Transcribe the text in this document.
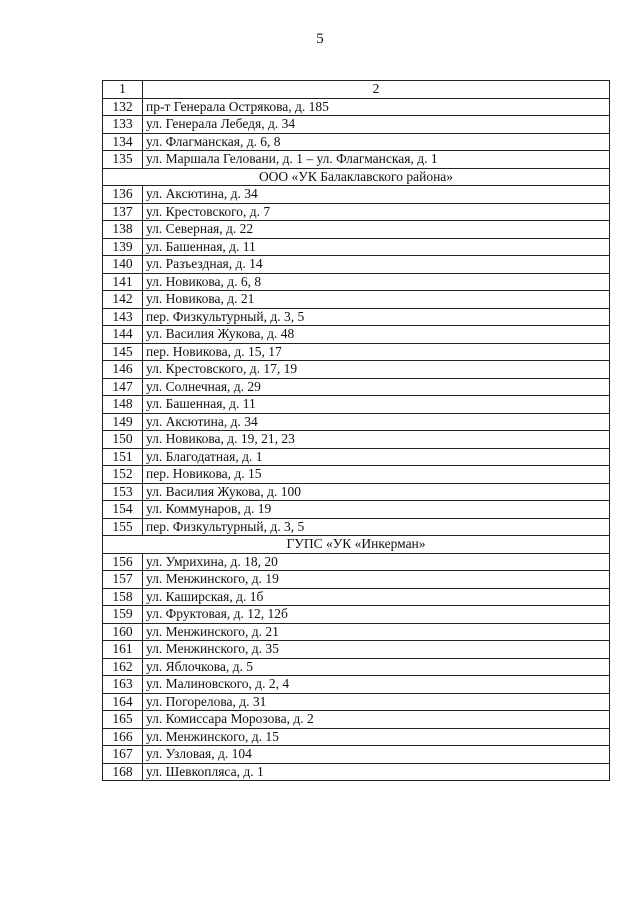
5
1	2
132	пр-т Генерала Острякова, д. 185
133	ул. Генерала Лебедя, д. 34
134	ул. Флагманская, д. 6, 8
135	ул. Маршала Геловани, д. 1 – ул. Флагманская, д. 1
ООО «УК Балаклавского района»	
136	ул. Аксютина, д. 34
137	ул. Крестовского, д. 7
138	ул. Северная, д. 22
139	ул. Башенная, д. 11
140	ул. Разъездная, д. 14
141	ул. Новикова, д. 6, 8
142	ул. Новикова, д. 21
143	пер. Физкультурный, д. 3, 5
144	ул. Василия Жукова, д. 48
145	пер. Новикова, д. 15, 17
146	ул. Крестовского, д. 17, 19
147	ул. Солнечная, д. 29
148	ул. Башенная, д. 11
149	ул. Аксютина, д. 34
150	ул. Новикова, д. 19, 21, 23
151	ул. Благодатная, д. 1
152	пер. Новикова, д. 15
153	ул. Василия Жукова, д. 100
154	ул. Коммунаров, д. 19
155	пер. Физкультурный, д. 3, 5
ГУПС «УК «Инкерман»	
156	ул. Умрихина, д. 18, 20
157	ул. Менжинского, д. 19
158	ул. Каширская, д. 1б
159	ул. Фруктовая, д. 12, 12б
160	ул. Менжинского, д. 21
161	ул. Менжинского, д. 35
162	ул. Яблочкова, д. 5
163	ул. Малиновского, д. 2, 4
164	ул. Погорелова, д. 31
165	ул. Комиссара Морозова, д. 2
166	ул. Менжинского, д. 15
167	ул. Узловая, д. 104
168	ул. Шевкопляса, д. 1
